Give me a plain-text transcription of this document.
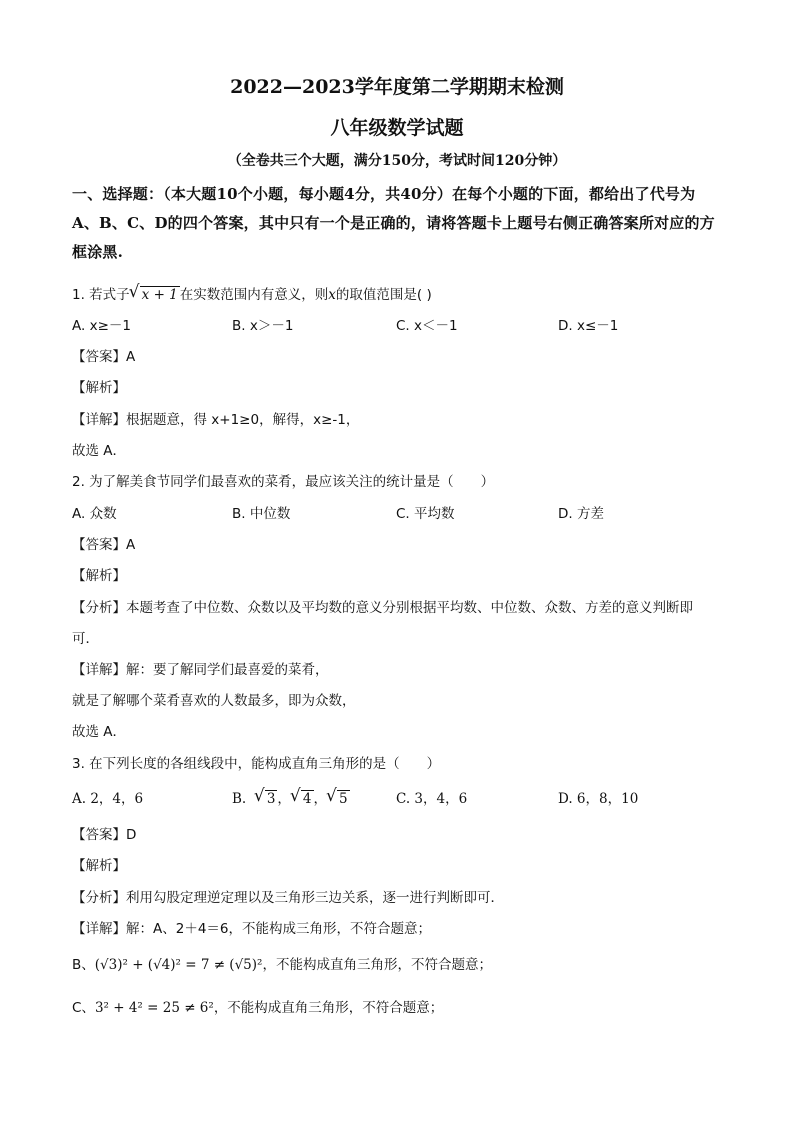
2022—2023学年度第二学期期末检测
八年级数学试题
（全卷共三个大题，满分150分，考试时间120分钟）
一、选择题：（本大题10个小题，每小题4分，共40分）在每个小题的下面，都给出了代号为A、B、C、D的四个答案，其中只有一个是正确的，请将答题卡上题号右侧正确答案所对应的方框涂黑.
1. 若式子 √ x + 1 在实数范围内有意义，则x的取值范围是( )
A. x≥－1	B. x＞－1	C. x＜－1	D. x≤－1
【答案】A
【解析】
【详解】根据题意，得 x+1≥0，解得，x≥-1，
故选 A．
2. 为了解美食节同学们最喜欢的菜肴，最应该关注的统计量是（　　）
A. 众数	B. 中位数	C. 平均数	D. 方差
【答案】A
【解析】
【分析】本题考查了中位数、众数以及平均数的意义分别根据平均数、中位数、众数、方差的意义判断即
可．
【详解】解：要了解同学们最喜爱的菜肴，
就是了解哪个菜肴喜欢的人数最多，即为众数，
故选 A．
3. 在下列长度的各组线段中，能构成直角三角形的是（　　）
A. 2，4，6	B. √ 3 ， √ 4 ， √ 5	C. 3，4，6	D. 6，8，10
【答案】D
【解析】
【分析】利用勾股定理逆定理以及三角形三边关系，逐一进行判断即可．
【详解】解：A、2＋4＝6，不能构成三角形，不符合题意；
B、(√3)² + (√4)² = 7 ≠ (√5)²，不能构成直角三角形，不符合题意；
C、3² + 4² = 25 ≠ 6²，不能构成直角三角形，不符合题意；
